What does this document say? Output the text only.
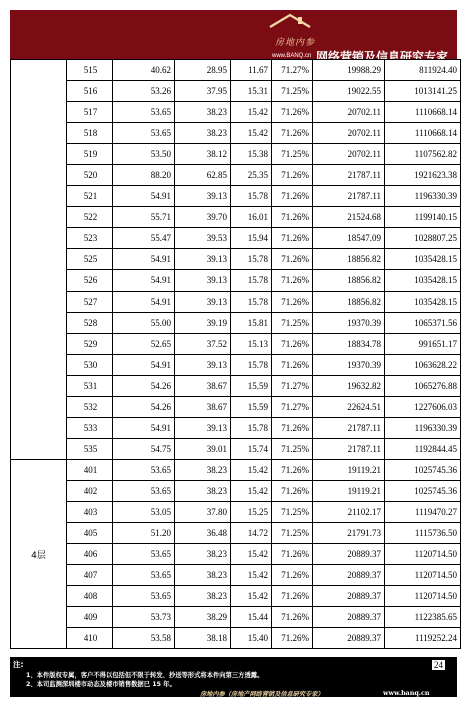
房地内参
www.BANQ.cn 网络营销及信息研究专家
	515	40.62	28.95	11.67	71.27%	19988.29	811924.40
	516	53.26	37.95	15.31	71.25%	19022.55	1013141.25
	517	53.65	38.23	15.42	71.26%	20702.11	1110668.14
	518	53.65	38.23	15.42	71.26%	20702.11	1110668.14
	519	53.50	38.12	15.38	71.25%	20702.11	1107562.82
	520	88.20	62.85	25.35	71.26%	21787.11	1921623.38
	521	54.91	39.13	15.78	71.26%	21787.11	1196330.39
	522	55.71	39.70	16.01	71.26%	21524.68	1199140.15
	523	55.47	39.53	15.94	71.26%	18547.09	1028807.25
	525	54.91	39.13	15.78	71.26%	18856.82	1035428.15
	526	54.91	39.13	15.78	71.26%	18856.82	1035428.15
	527	54.91	39.13	15.78	71.26%	18856.82	1035428.15
	528	55.00	39.19	15.81	71.25%	19370.39	1065371.56
	529	52.65	37.52	15.13	71.26%	18834.78	991651.17
	530	54.91	39.13	15.78	71.26%	19370.39	1063628.22
	531	54.26	38.67	15.59	71.27%	19632.82	1065276.88
	532	54.26	38.67	15.59	71.27%	22624.51	1227606.03
	533	54.91	39.13	15.78	71.26%	21787.11	1196330.39
	535	54.75	39.01	15.74	71.25%	21787.11	1192844.45
4层	401	53.65	38.23	15.42	71.26%	19119.21	1025745.36
	402	53.65	38.23	15.42	71.26%	19119.21	1025745.36
	403	53.05	37.80	15.25	71.25%	21102.17	1119470.27
	405	51.20	36.48	14.72	71.25%	21791.73	1115736.50
	406	53.65	38.23	15.42	71.26%	20889.37	1120714.50
	407	53.65	38.23	15.42	71.26%	20889.37	1120714.50
	408	53.65	38.23	15.42	71.26%	20889.37	1120714.50
	409	53.73	38.29	15.44	71.26%	20889.37	1122385.65
	410	53.58	38.18	15.40	71.26%	20889.37	1119252.24
注:
1、本件版权专属，客户不得以包括但不限于转发、抄送等形式将本件向第三方透露。
2、本司监测深圳楼市动态及楼市销售数据已 15 年。
房地内参（房地产网络营销及信息研究专家）	www.banq.cn
24
